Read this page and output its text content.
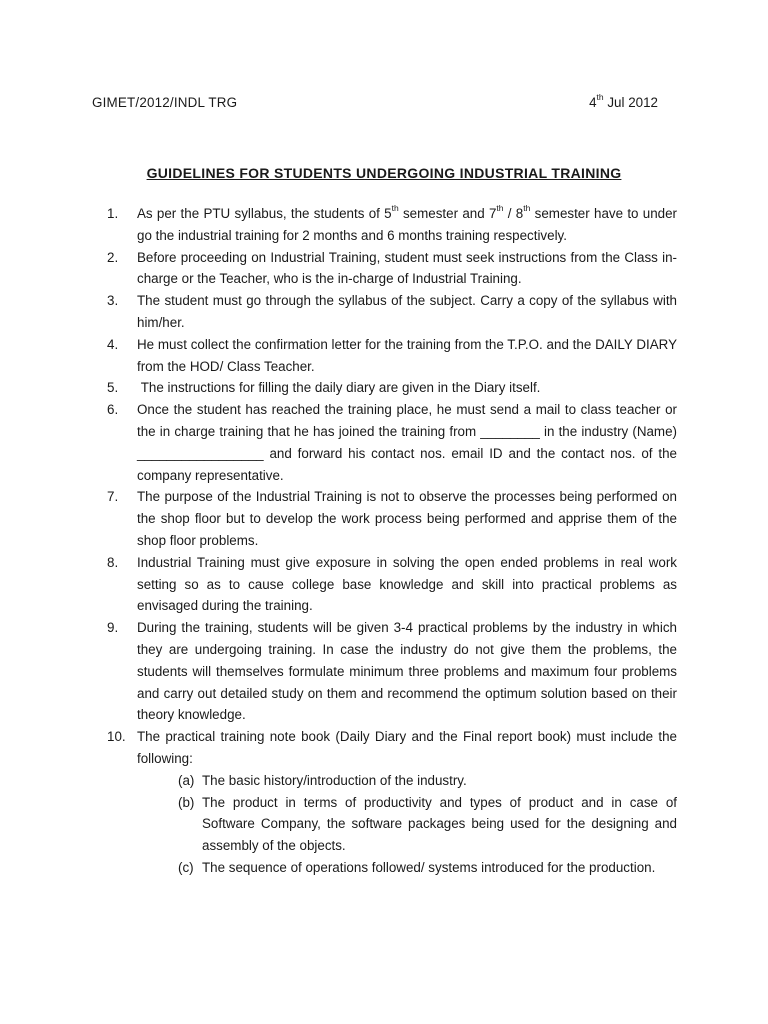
GIMET/2012/INDL TRG	4th Jul 2012
GUIDELINES FOR STUDENTS UNDERGOING INDUSTRIAL TRAINING
1.	As per the PTU syllabus, the students of 5th semester and 7th / 8th semester have to under go the industrial training for 2 months and 6 months training respectively.
2.	Before proceeding on Industrial Training, student must seek instructions from the Class in-charge or the Teacher, who is the in-charge of Industrial Training.
3.	The student must go through the syllabus of the subject. Carry a copy of the syllabus with him/her.
4.	He must collect the confirmation letter for the training from the T.P.O. and the DAILY DIARY from the HOD/ Class Teacher.
5.	The instructions for filling the daily diary are given in the Diary itself.
6.	Once the student has reached the training place, he must send a mail to class teacher or the in charge training that he has joined the training from ________ in the industry (Name) _________________ and forward his contact nos. email ID and the contact nos. of the company representative.
7.	The purpose of the Industrial Training is not to observe the processes being performed on the shop floor but to develop the work process being performed and apprise them of the shop floor problems.
8.	Industrial Training must give exposure in solving the open ended problems in real work setting so as to cause college base knowledge and skill into practical problems as envisaged during the training.
9.	During the training, students will be given 3-4 practical problems by the industry in which they are undergoing training. In case the industry do not give them the problems, the students will themselves formulate minimum three problems and maximum four problems and carry out detailed study on them and recommend the optimum solution based on their theory knowledge.
10. The practical training note book (Daily Diary and the Final report book) must include the following:
(a) The basic history/introduction of the industry.
(b) The product in terms of productivity and types of product and in case of Software Company, the software packages being used for the designing and assembly of the objects.
(c) The sequence of operations followed/ systems introduced for the production.
